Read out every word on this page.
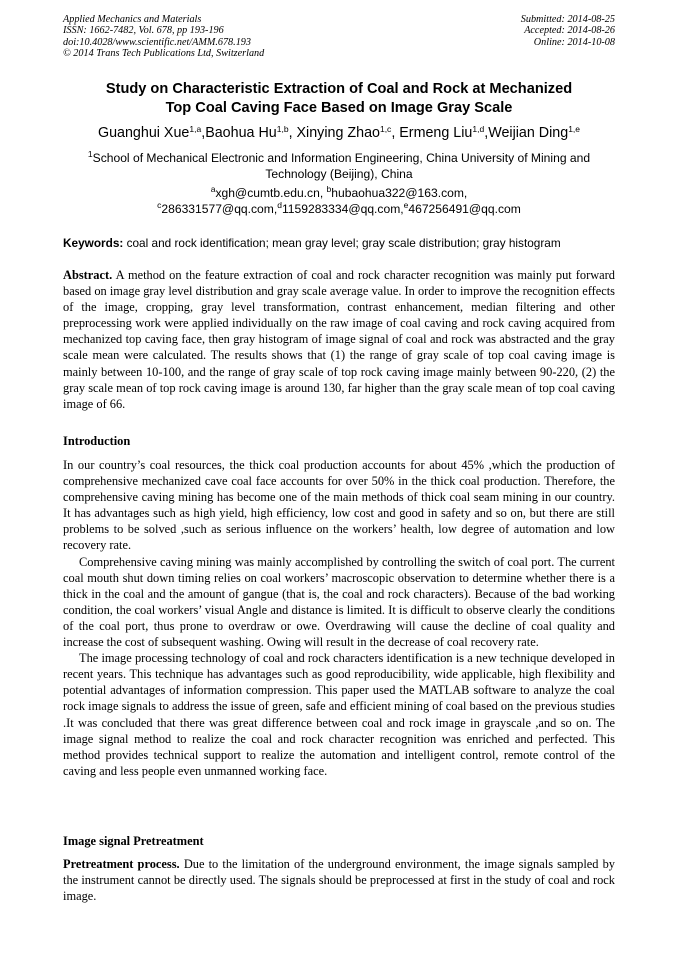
Applied Mechanics and Materials
ISSN: 1662-7482, Vol. 678, pp 193-196
doi:10.4028/www.scientific.net/AMM.678.193
© 2014 Trans Tech Publications Ltd, Switzerland
Submitted: 2014-08-25
Accepted: 2014-08-26
Online: 2014-10-08
Study on Characteristic Extraction of Coal and Rock at Mechanized
Top Coal Caving Face Based on Image Gray Scale
Guanghui Xue$^{1,a}$,Baohua Hu$^{1,b}$, Xinying Zhao$^{1,c}$, Ermeng Liu$^{1,d}$,Weijian Ding$^{1,e}$
$^1$School of Mechanical Electronic and Information Engineering, China University of Mining and Technology (Beijing), China
$^a$xgh@cumtb.edu.cn, $^b$hubaohua322@163.com,
$^c$286331577@qq.com,$^d$1159283334@qq.com,$^e$467256491@qq.com
Keywords: coal and rock identification; mean gray level; gray scale distribution; gray histogram

Abstract. A method on the feature extraction of coal and rock character recognition was mainly put forward based on image gray level distribution and gray scale average value. In order to improve the recognition effects of the image, cropping, gray level transformation, contrast enhancement, median filtering and other preprocessing work were applied individually on the raw image of coal caving and rock caving acquired from mechanized top caving face, then gray histogram of image signal of coal and rock was abstracted and the gray scale mean were calculated. The results shows that (1) the range of gray scale of top coal caving image is mainly between 10-100, and the range of gray scale of top rock caving image mainly between 90-220, (2) the gray scale mean of top rock caving image is around 130, far higher than the gray scale mean of top coal caving image of 66.

Introduction

In our country’s coal resources, the thick coal production accounts for about 45% ,which the production of comprehensive mechanized cave coal face accounts for over 50% in the thick coal production. Therefore, the comprehensive caving mining has become one of the main methods of thick coal seam mining in our country. It has advantages such as high yield, high efficiency, low cost and good in safety and so on, but there are still problems to be solved ,such as serious influence on the workers’ health, low degree of automation and low recovery rate.

Comprehensive caving mining was mainly accomplished by controlling the switch of coal port. The current coal mouth shut down timing relies on coal workers’ macroscopic observation to determine whether there is a thick in the coal and the amount of gangue (that is, the coal and rock characters). Because of the bad working condition, the coal workers’ visual Angle and distance is limited. It is difficult to observe clearly the conditions of the coal port, thus prone to overdraw or owe. Overdrawing will cause the decline of coal quality and increase the cost of subsequent washing. Owing will result in the decrease of coal recovery rate.

The image processing technology of coal and rock characters identification is a new technique developed in recent years. This technique has advantages such as good reproducibility, wide applicable, high flexibility and potential advantages of information compression. This paper used the MATLAB software to analyze the coal rock image signals to address the issue of green, safe and efficient mining of coal based on the previous studies .It was concluded that there was great difference between coal and rock image in grayscale ,and so on. The image signal method to realize the coal and rock character recognition was enriched and perfected. This method provides technical support to realize the automation and intelligent control, remote control of the caving and less people even unmanned working face.

Image signal Pretreatment

Pretreatment process. Due to the limitation of the underground environment, the image signals sampled by the instrument cannot be directly used. The signals should be preprocessed at first in the study of coal and rock image.
